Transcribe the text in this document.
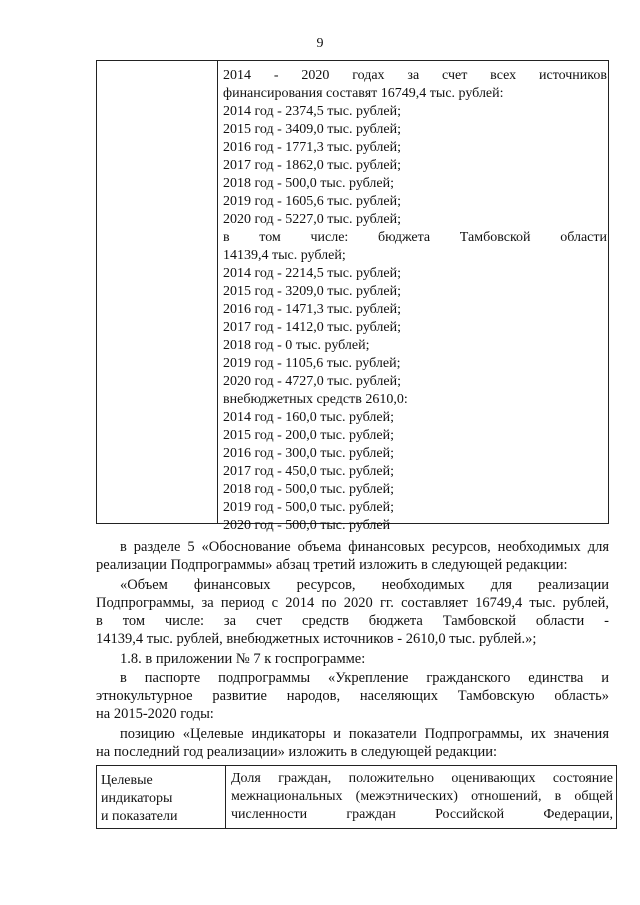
9
2014 - 2020 годах за счет всех источников
финансирования составят 16749,4 тыс. рублей:
2014 год - 2374,5 тыс. рублей;
2015 год - 3409,0 тыс. рублей;
2016 год - 1771,3 тыс. рублей;
2017 год - 1862,0 тыс. рублей;
2018 год - 500,0 тыс. рублей;
2019 год - 1605,6 тыс. рублей;
2020 год - 5227,0 тыс. рублей;
в том числе: бюджета Тамбовской области
14139,4 тыс. рублей;
2014 год - 2214,5 тыс. рублей;
2015 год - 3209,0 тыс. рублей;
2016 год - 1471,3 тыс. рублей;
2017 год - 1412,0 тыс. рублей;
2018 год - 0 тыс. рублей;
2019 год - 1105,6 тыс. рублей;
2020 год - 4727,0 тыс. рублей;
внебюджетных средств 2610,0:
2014 год - 160,0 тыс. рублей;
2015 год - 200,0 тыс. рублей;
2016 год - 300,0 тыс. рублей;
2017 год - 450,0 тыс. рублей;
2018 год - 500,0 тыс. рублей;
2019 год - 500,0 тыс. рублей;
2020 год - 500,0 тыс. рублей
в разделе 5 «Обоснование объема финансовых ресурсов, необходимых для
реализации Подпрограммы» абзац третий изложить в следующей редакции:
«Объем финансовых ресурсов, необходимых для реализации
Подпрограммы, за период с 2014 по 2020 гг. составляет 16749,4 тыс. рублей,
в том числе: за счет средств бюджета Тамбовской области -
14139,4 тыс. рублей, внебюджетных источников - 2610,0 тыс. рублей.»;
1.8. в приложении № 7 к госпрограмме:
в паспорте подпрограммы «Укрепление гражданского единства и
этнокультурное развитие народов, населяющих Тамбовскую область»
на 2015-2020 годы:
позицию «Целевые индикаторы и показатели Подпрограммы, их значения
на последний год реализации» изложить в следующей редакции:
Целевые
индикаторы
и показатели
Доля граждан, положительно оценивающих состояние
межнациональных (межэтнических) отношений, в общей
численности граждан Российской Федерации,
